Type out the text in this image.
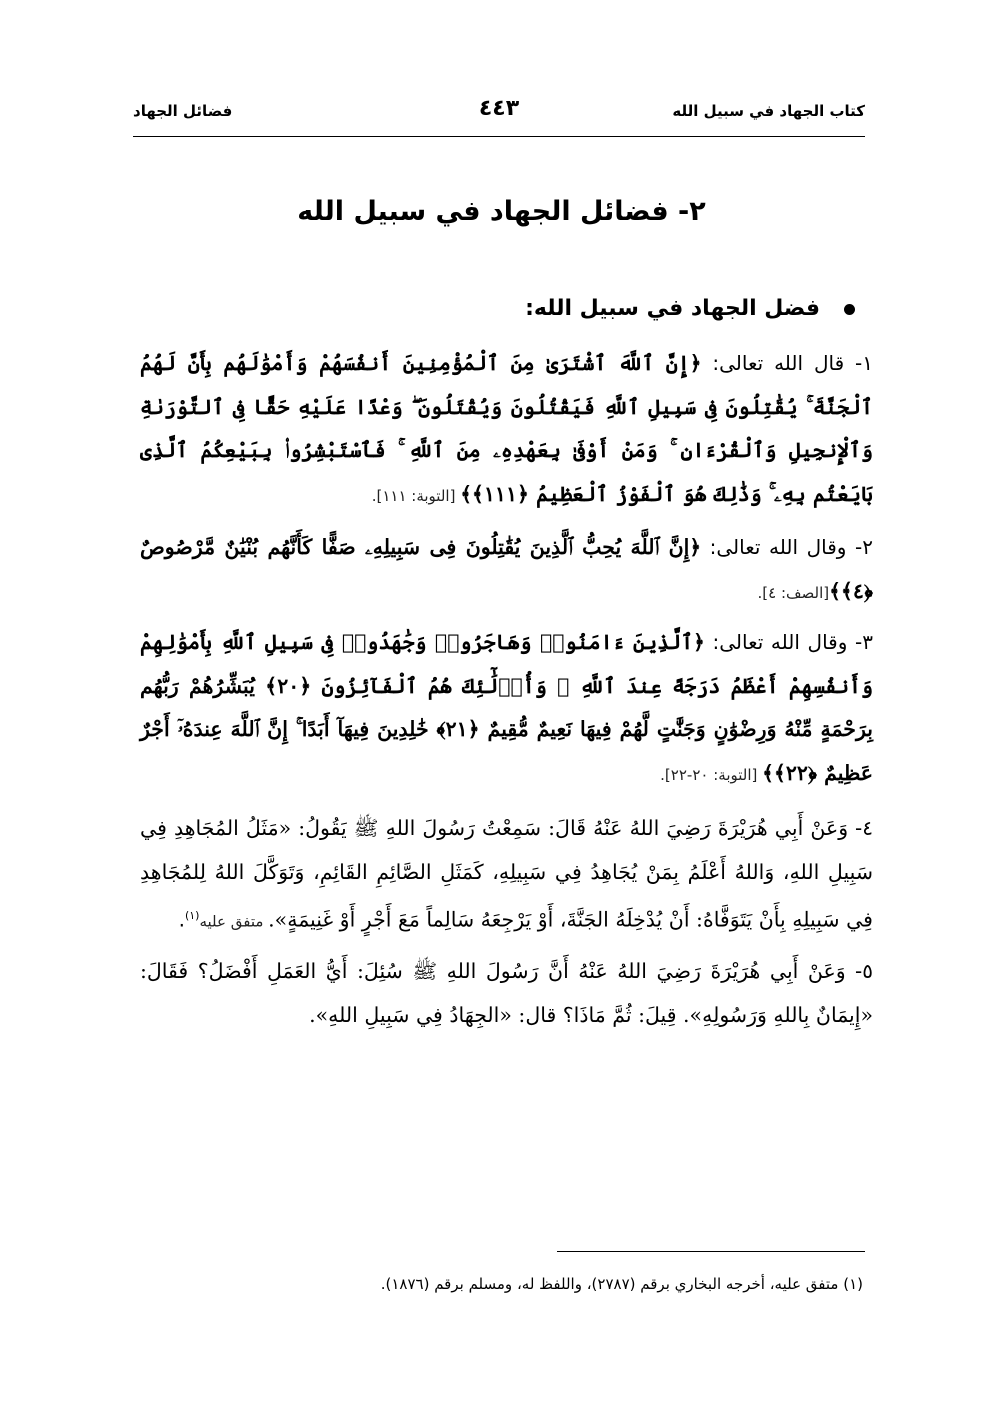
كتاب الجهاد في سبيل الله
٤٤٣
فضائل الجهاد
٢- فضائل الجهاد في سبيل الله
فضل الجهاد في سبيل الله:

١- قال الله تعالى: ﴿إِنَّ ٱللَّهَ ٱشْتَرَىٰ مِنَ ٱلْمُؤْمِنِينَ أَنفُسَهُمْ وَأَمْوَٰلَهُم بِأَنَّ لَهُمُ ٱلْجَنَّةَ ۚ يُقَٰتِلُونَ فِى سَبِيلِ ٱللَّهِ فَيَقْتُلُونَ وَيُقْتَلُونَ ۖ وَعْدًا عَلَيْهِ حَقًّا فِى ٱلتَّوْرَىٰةِ وَٱلْإِنجِيلِ وَٱلْقُرْءَانِ ۚ وَمَنْ أَوْفَىٰ بِعَهْدِهِۦ مِنَ ٱللَّهِ ۚ فَٱسْتَبْشِرُوا۟ بِبَيْعِكُمُ ٱلَّذِى بَايَعْتُم بِهِۦ ۚ وَذَٰلِكَ هُوَ ٱلْفَوْزُ ٱلْعَظِيمُ ﴿١١١﴾﴾ [التوبة: ١١١].

٢- وقال الله تعالى: ﴿إِنَّ ٱللَّهَ يُحِبُّ ٱلَّذِينَ يُقَٰتِلُونَ فِى سَبِيلِهِۦ صَفًّا كَأَنَّهُم بُنْيَٰنٌ مَّرْصُوصٌ ﴿٤﴾﴾[الصف: ٤].

٣- وقال الله تعالى: ﴿ٱلَّذِينَ ءَامَنُوا۟ وَهَاجَرُوا۟ وَجَٰهَدُوا۟ فِى سَبِيلِ ٱللَّهِ بِأَمْوَٰلِهِمْ وَأَنفُسِهِمْ أَعْظَمُ دَرَجَةً عِندَ ٱللَّهِ ۚ وَأُو۟لَٰٓئِكَ هُمُ ٱلْفَآئِزُونَ ﴿٢٠﴾ يُبَشِّرُهُمْ رَبُّهُم بِرَحْمَةٍ مِّنْهُ وَرِضْوَٰنٍ وَجَنَّٰتٍ لَّهُمْ فِيهَا نَعِيمٌ مُّقِيمٌ ﴿٢١﴾ خَٰلِدِينَ فِيهَآ أَبَدًا ۚ إِنَّ ٱللَّهَ عِندَهُۥٓ أَجْرٌ عَظِيمٌ ﴿٢٢﴾﴾ [التوبة: ٢٠-٢٢].

٤- وَعَنْ أَبِي هُرَيْرَةَ رَضِيَ اللهُ عَنْهُ قَالَ: سَمِعْتُ رَسُولَ اللهِ ﷺ يَقُولُ: «مَثَلُ المُجَاهِدِ فِي سَبِيلِ اللهِ، وَاللهُ أَعْلَمُ بِمَنْ يُجَاهِدُ فِي سَبِيلِهِ، كَمَثَلِ الصَّائِمِ القَائِمِ، وَتَوَكَّلَ اللهُ لِلمُجَاهِدِ فِي سَبِيلِهِ بِأَنْ يَتَوَفَّاهُ: أَنْ يُدْخِلَهُ الجَنَّةَ، أَوْ يَرْجِعَهُ سَالِماً مَعَ أَجْرٍ أَوْ غَنِيمَةٍ». متفق عليه$^{(١)}$.

٥- وَعَنْ أَبِي هُرَيْرَةَ رَضِيَ اللهُ عَنْهُ أَنَّ رَسُولَ اللهِ ﷺ سُئِلَ: أَيُّ العَمَلِ أَفْضَلُ؟ فَقَالَ: «إِيمَانٌ بِاللهِ وَرَسُولِهِ». قِيلَ: ثُمَّ مَاذَا؟ قال: «الجِهَادُ فِي سَبِيلِ اللهِ».

(١) متفق عليه، أخرجه البخاري برقم (٢٧٨٧)، واللفظ له، ومسلم برقم (١٨٧٦).
